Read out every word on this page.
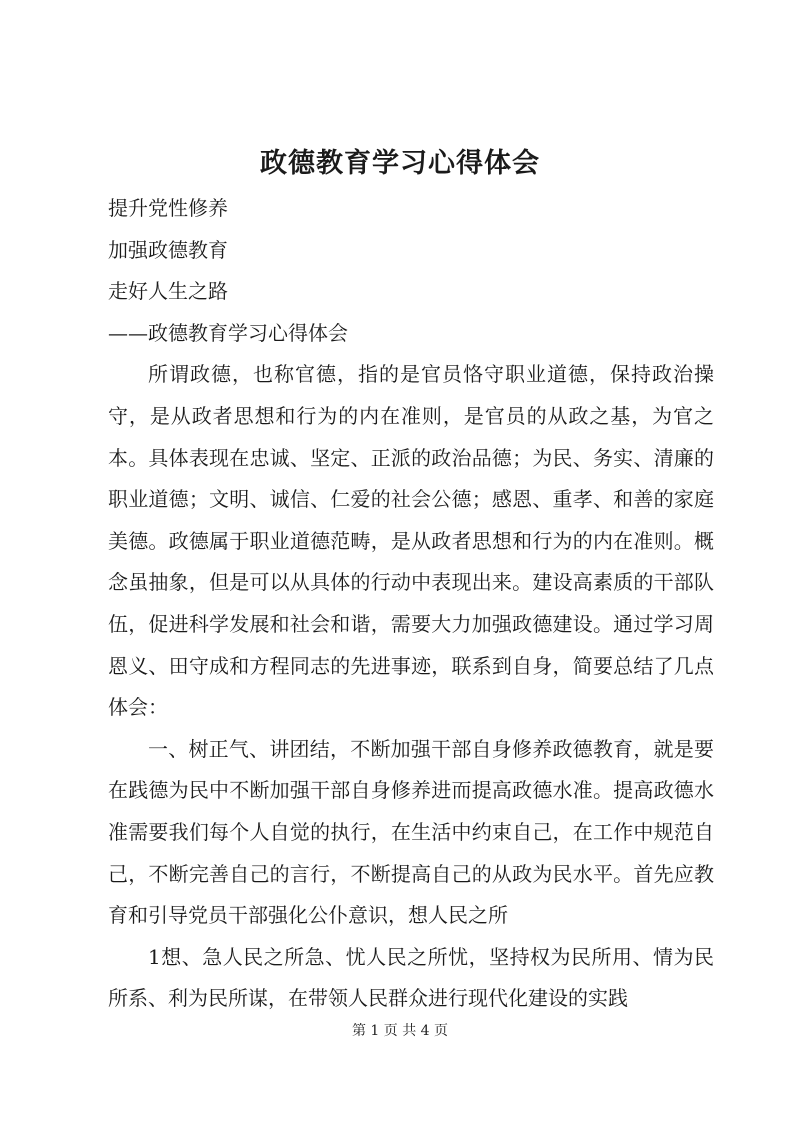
政德教育学习心得体会

提升党性修养

加强政德教育

走好人生之路

——政德教育学习心得体会

所谓政德，也称官德，指的是官员恪守职业道德，保持政治操守，是从政者思想和行为的内在准则，是官员的从政之基，为官之本。具体表现在忠诚、坚定、正派的政治品德；为民、务实、清廉的职业道德；文明、诚信、仁爱的社会公德；感恩、重孝、和善的家庭美德。政德属于职业道德范畴，是从政者思想和行为的内在准则。概念虽抽象，但是可以从具体的行动中表现出来。建设高素质的干部队伍，促进科学发展和社会和谐，需要大力加强政德建设。通过学习周恩义、田守成和方程同志的先进事迹，联系到自身，简要总结了几点体会：

一、树正气、讲团结，不断加强干部自身修养政德教育，就是要在践德为民中不断加强干部自身修养进而提高政德水准。提高政德水准需要我们每个人自觉的执行，在生活中约束自己，在工作中规范自己，不断完善自己的言行，不断提高自己的从政为民水平。首先应教育和引导党员干部强化公仆意识，想人民之所

1想、急人民之所急、忧人民之所忧，坚持权为民所用、情为民所系、利为民所谋，在带领人民群众进行现代化建设的实践

第 1 页 共 4 页
